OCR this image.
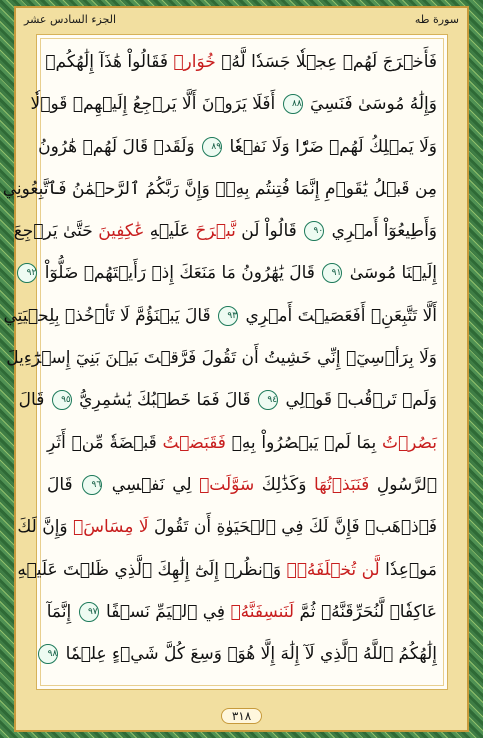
الجزء السادس عشر	سورة طه
فَأَخۡرَجَ لَهُمۡ عِجۡلٗا جَسَدٗا لَّهُۥ خُوَارٞ فَقَالُواْ هَٰذَآ إِلَٰهُكُمۡ
وَإِلَٰهُ مُوسَىٰ فَنَسِيَ ٨٨ أَفَلَا يَرَوۡنَ أَلَّا يَرۡجِعُ إِلَيۡهِمۡ قَوۡلٗا
وَلَا يَمۡلِكُ لَهُمۡ ضَرّٗا وَلَا نَفۡعٗا ٨٩ وَلَقَدۡ قَالَ لَهُمۡ هَٰرُونُ
مِن قَبۡلُ يَٰقَوۡمِ إِنَّمَا فُتِنتُم بِهِۦۖ وَإِنَّ رَبَّكُمُ ٱلرَّحۡمَٰنُ فَٱتَّبِعُونِي
وَأَطِيعُوٓاْ أَمۡرِي ٩٠ قَالُواْ لَن نَّبۡرَحَ عَلَيۡهِ عَٰكِفِينَ حَتَّىٰ يَرۡجِعَ
إِلَيۡنَا مُوسَىٰ ٩١ قَالَ يَٰهَٰرُونُ مَا مَنَعَكَ إِذۡ رَأَيۡتَهُمۡ ضَلُّوٓاْ ٩٢
أَلَّا تَتَّبِعَنِۖ أَفَعَصَيۡتَ أَمۡرِي ٩٣ قَالَ يَبۡنَؤُمَّ لَا تَأۡخُذۡ بِلِحۡيَتِي
وَلَا بِرَأۡسِيٓۖ إِنِّي خَشِيتُ أَن تَقُولَ فَرَّقۡتَ بَيۡنَ بَنِيٓ إِسۡرَٰٓءِيلَ
وَلَمۡ تَرۡقُبۡ قَوۡلِي ٩٤ قَالَ فَمَا خَطۡبُكَ يَٰسَٰمِرِيُّ ٩٥ قَالَ
بَصُرۡتُ بِمَا لَمۡ يَبۡصُرُواْ بِهِۦ فَقَبَضۡتُ قَبۡضَةٗ مِّنۡ أَثَرِ
ٱلرَّسُولِ فَنَبَذۡتُهَا وَكَذَٰلِكَ سَوَّلَتۡ لِي نَفۡسِي ٩٦ قَالَ
فَٱذۡهَبۡ فَإِنَّ لَكَ فِي ٱلۡحَيَوٰةِ أَن تَقُولَ لَا مِسَاسَۖ وَإِنَّ لَكَ
مَوۡعِدٗا لَّن تُخۡلَفَهُۥۖ وَٱنظُرۡ إِلَىٰٓ إِلَٰهِكَ ٱلَّذِي ظَلۡتَ عَلَيۡهِ
عَاكِفٗاۖ لَّنُحَرِّقَنَّهُۥ ثُمَّ لَنَنسِفَنَّهُۥ فِي ٱلۡيَمِّ نَسۡفًا ٩٧ إِنَّمَآ
إِلَٰهُكُمُ ٱللَّهُ ٱلَّذِي لَآ إِلَٰهَ إِلَّا هُوَۚ وَسِعَ كُلَّ شَيۡءٍ عِلۡمٗا ٩٨
٣١٨
